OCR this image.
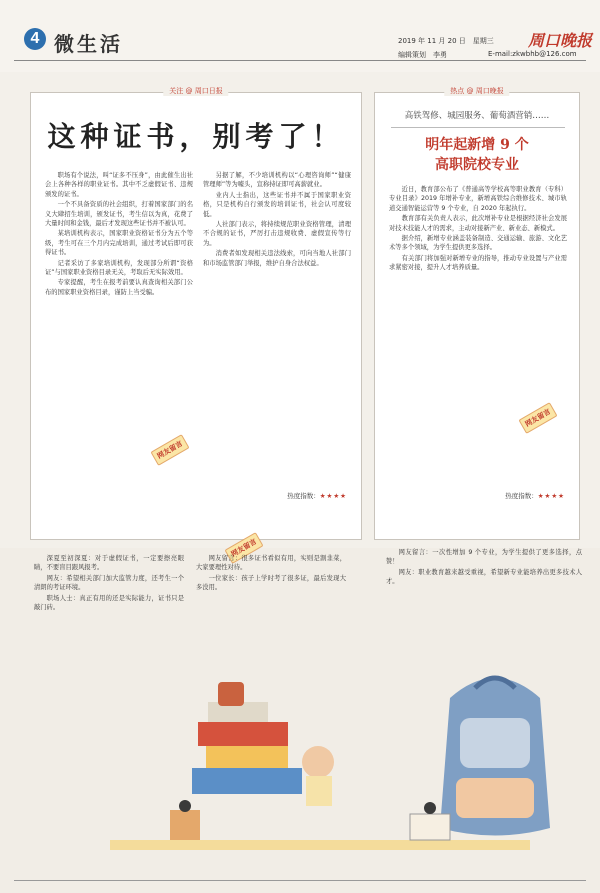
4 微生活	2019 年 11 月 20 日　星期三 周口晚报
编辑策划　李勇	E-mail:zkwbhb@126.com
关注 @ 周口日报
这种证书，别考了！

职场有个说法，叫“证多不压身”，由此催生出社会上各种各样的职业证书。其中不乏虚假证书、违规颁发的证书。

一个不具备资质的社会组织，打着国家部门的名义大肆招生培训，颁发证书，考生信以为真，花费了大量时间和金钱，最后才发现这些证书并不被认可。

某培训机构表示，国家职业资格证书分为五个等级，考生可在三个月内完成培训，通过考试后即可获得证书。

记者采访了多家培训机构，发现部分所谓“资格证”与国家职业资格目录无关，考取后无实际效用。

专家提醒，考生在报考前要认真查询相关部门公布的国家职业资格目录，谨防上当受骗。

另据了解，不少培训机构以“心理咨询师”“健康管理师”等为噱头，宣称持证即可高薪就业。

业内人士指出，这些证书并不属于国家职业资格，只是机构自行颁发的培训证书，社会认可度较低。

人社部门表示，将持续规范职业资格管理，清理不合规的证书，严厉打击违规收费、虚假宣传等行为。

消费者如发现相关违法线索，可向当地人社部门和市场监管部门举报，维护自身合法权益。

热度指数：★★★★
热点 @ 周口晚报
高铁驾修、城园服务、葡萄酒营销……
明年起新增 9 个
高职院校专业

近日，教育部公布了《普通高等学校高等职业教育（专科）专业目录》2019 年增补专业，新增高铁综合维修技术、城市轨道交通智能运营等 9 个专业，自 2020 年起执行。

教育部有关负责人表示，此次增补专业是根据经济社会发展对技术技能人才的需求，主动对接新产业、新业态、新模式。

据介绍，新增专业涵盖装备制造、交通运输、旅游、文化艺术等多个领域，为学生提供更多选择。

有关部门将加强对新增专业的指导，推动专业设置与产业需求紧密对接，提升人才培养质量。

热度指数：★★★★
网友留言
网友留言
网友留言

深夏至初深夏：对于虚假证书，一定要擦亮眼睛，不要盲目跟风报考。

网友：希望相关部门加大监管力度，还考生一个清朗的考证环境。

职场人士：真正有用的还是实际能力，证书只是敲门砖。

网友留言：很多证书看似有用，实则是割韭菜，大家要理性对待。

一位家长：孩子上学时考了很多证，最后发现大多没用。

网友留言：一次性增加 9 个专业，为学生提供了更多选择，点赞！

网友：职业教育越来越受重视，希望新专业能培养出更多技术人才。
